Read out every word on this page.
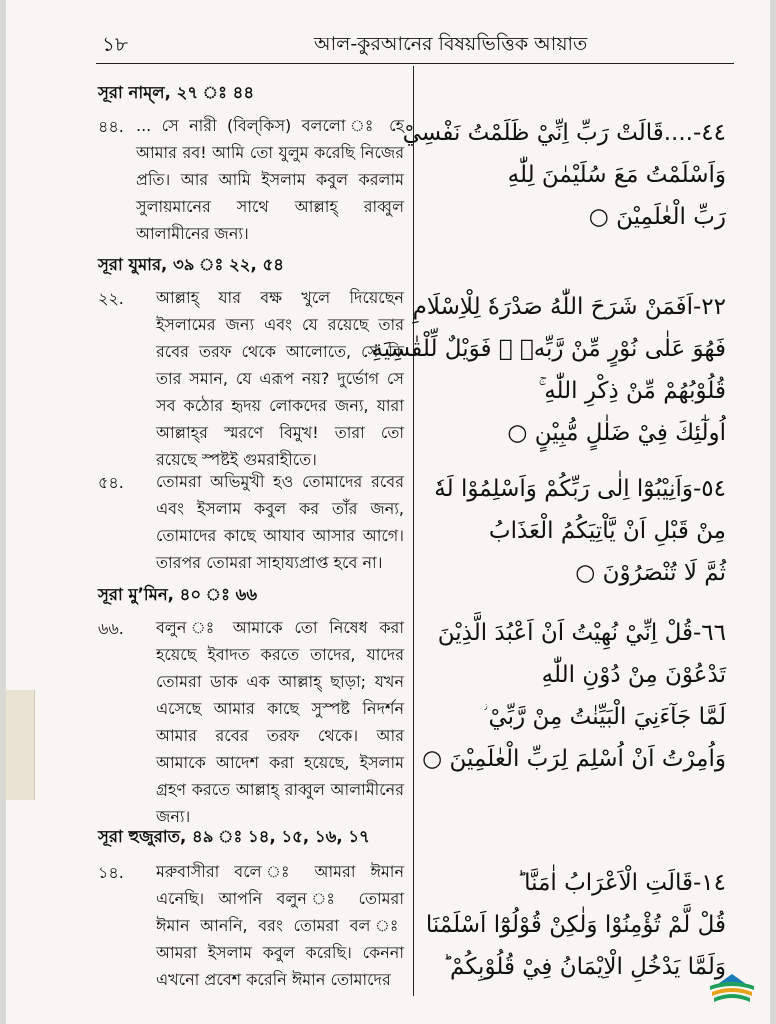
১৮	আল-কুরআনের বিষয়ভিত্তিক আয়াত
সূরা নাম্‌ল, ২৭ ঃ ৪৪
৪৪. ... সে নারী (বিল্‌কিস) বললো ঃ হে আমার রব! আমি তো যুলুম করেছি নিজের প্রতি। আর আমি ইসলাম কবুল করলাম সুলায়মানের সাথে আল্লাহ্‌ রাব্বুল আলামীনের জন্য।
সূরা যুমার, ৩৯ ঃ ২২, ৫৪
২২.	আল্লাহ্‌ যার বক্ষ খুলে দিয়েছেন ইসলামের জন্য এবং যে রয়েছে তার রবের তরফ থেকে আলোতে, সে কি তার সমান, যে এরূপ নয়? দুর্ভোগ সে সব কঠোর হৃদয় লোকদের জন্য, যারা আল্লাহ্‌র স্মরণে বিমুখ! তারা তো রয়েছে স্পষ্টই গুমরাহীতে।
৫৪.	তোমরা অভিমুখী হও তোমাদের রবের এবং ইসলাম কবুল কর তাঁর জন্য, তোমাদের কাছে আযাব আসার আগে। তারপর তোমরা সাহায্যপ্রাপ্ত হবে না।
সূরা মু’মিন, ৪০ ঃ ৬৬
৬৬.	বলুন ঃ আমাকে তো নিষেধ করা হয়েছে ইবাদত করতে তাদের, যাদের তোমরা ডাক এক আল্লাহ্‌ ছাড়া; যখন এসেছে আমার কাছে সুস্পষ্ট নিদর্শন আমার রবের তরফ থেকে। আর আমাকে আদেশ করা হয়েছে, ইসলাম গ্রহণ করতে আল্লাহ্‌ রাব্বুল আলামীনের জন্য।
সূরা হুজুরাত, ৪৯ ঃ ১৪, ১৫, ১৬, ১৭
১৪.	মরুবাসীরা বলে ঃ আমরা ঈমান এনেছি। আপনি বলুন ঃ তোমরা ঈমান আননি, বরং তোমরা বল ঃ আমরা ইসলাম কবুল করেছি। কেননা এখনো প্রবেশ করেনি ঈমান তোমাদের
٤٤-....قَالَتْ رَبِّ اِنِّيْ ظَلَمْتُ نَفْسِيْ
وَاَسْلَمْتُ مَعَ سُلَيْمٰنَ لِلّٰهِ
رَبِّ الْعٰلَمِيْنَ ○
٢٢-اَفَمَنْ شَرَحَ اللّٰهُ صَدْرَهٗ لِلْاِسْلَامِ
فَهُوَ عَلٰى نُوْرٍ مِّنْ رَّبِّهٖ ۚ فَوَيْلٌ لِّلْقٰسِيَةِ
قُلُوْبُهُمْ مِّنْ ذِكْرِ اللّٰهِ ۚ
اُولٰٓئِكَ فِيْ ضَلٰلٍ مُّبِيْنٍ ○
٥٤-وَاَنِيْبُوْٓا اِلٰى رَبِّكُمْ وَاَسْلِمُوْا لَهٗ
مِنْ قَبْلِ اَنْ يَّاْتِيَكُمُ الْعَذَابُ
ثُمَّ لَا تُنْصَرُوْنَ ○
٦٦-قُلْ اِنِّيْ نُهِيْتُ اَنْ اَعْبُدَ الَّذِيْنَ
تَدْعُوْنَ مِنْ دُوْنِ اللّٰهِ
لَمَّا جَآءَنِيَ الْبَيِّنٰتُ مِنْ رَّبِّيْ ؗ
وَاُمِرْتُ اَنْ اُسْلِمَ لِرَبِّ الْعٰلَمِيْنَ ○
١٤-قَالَتِ الْاَعْرَابُ اٰمَنَّا ؕ
قُلْ لَّمْ تُؤْمِنُوْا وَلٰكِنْ قُوْلُوْٓا اَسْلَمْنَا
وَلَمَّا يَدْخُلِ الْاِيْمَانُ فِيْ قُلُوْبِكُمْ ؕ
